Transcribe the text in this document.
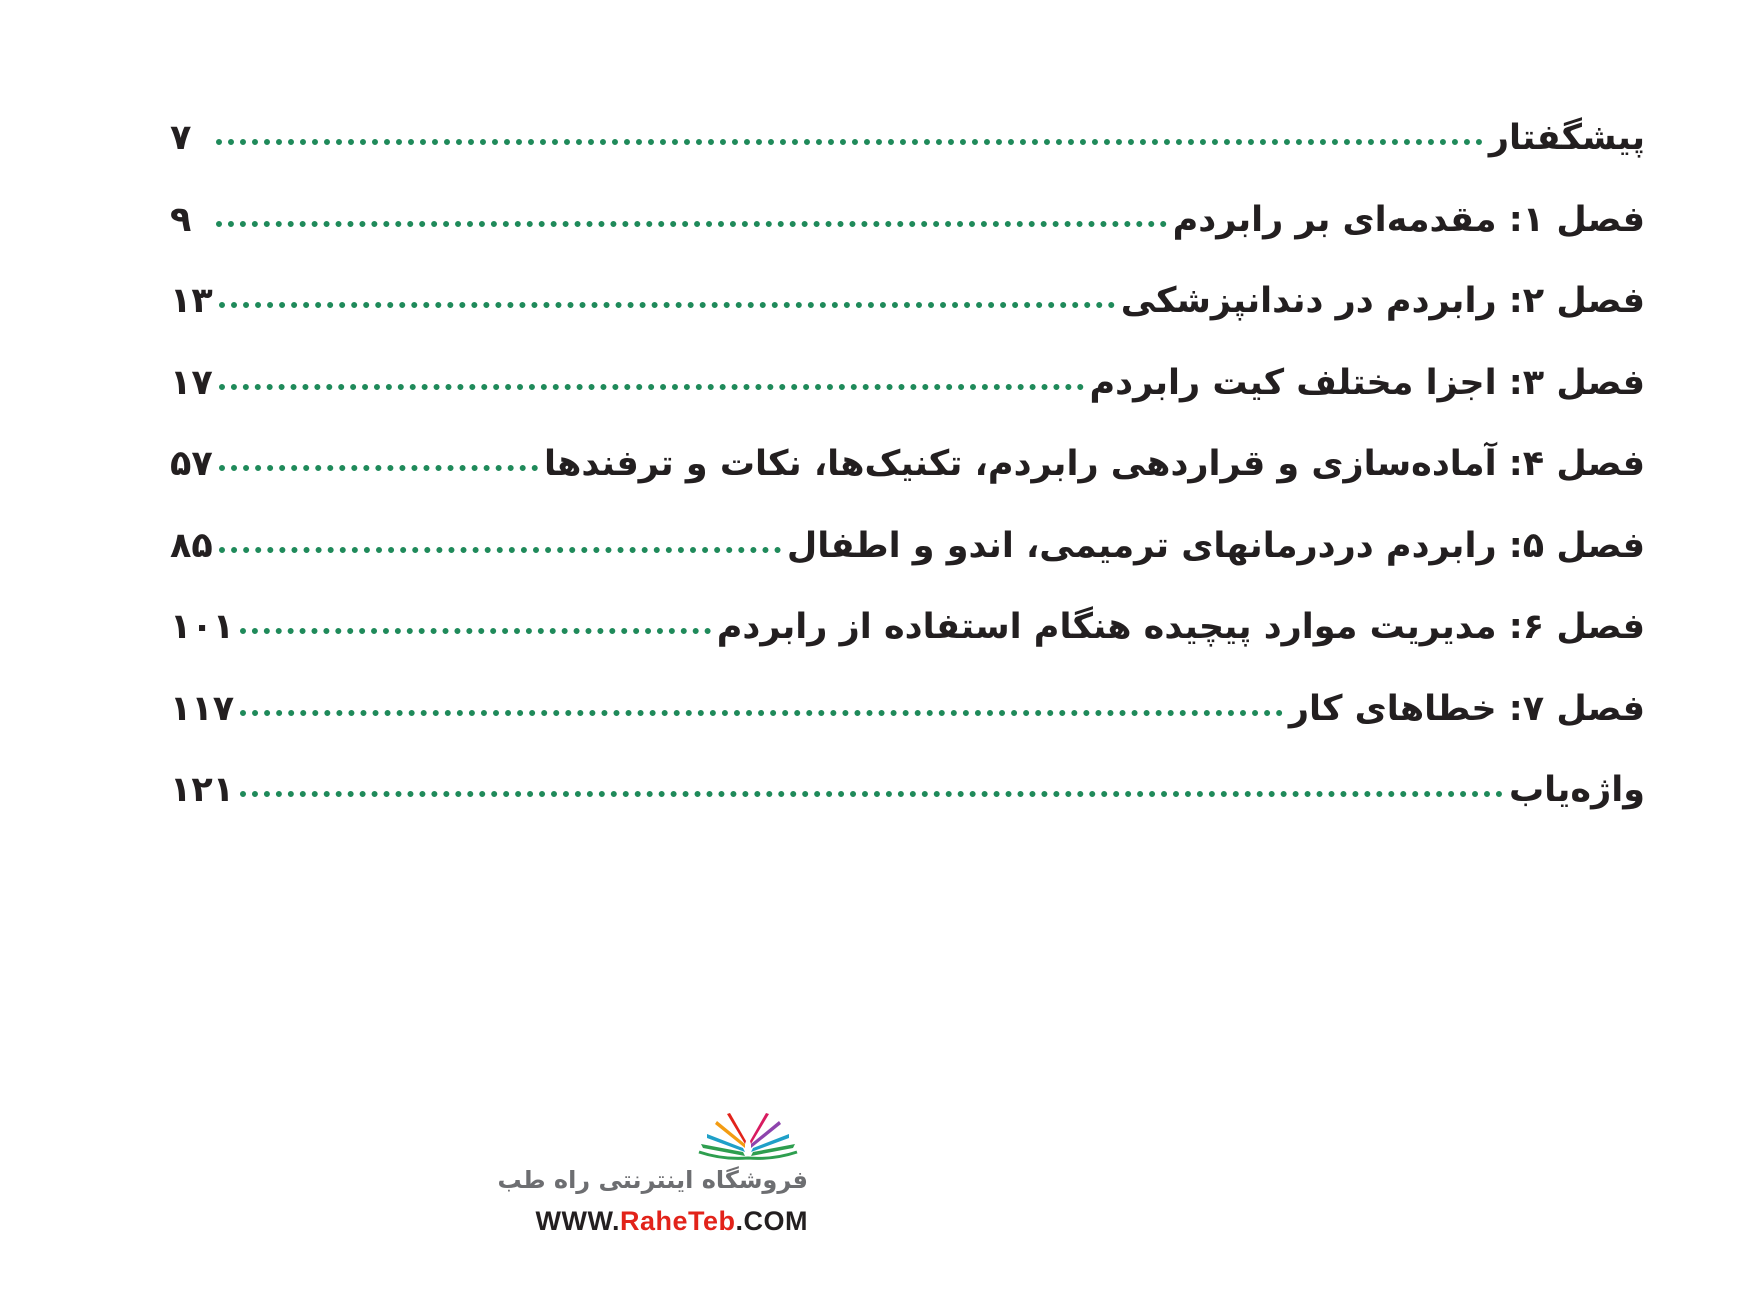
پیشگفتار
۷
فصل ۱: مقدمه‌ای بر رابردم
۹
فصل ۲: رابردم در دندانپزشکی
۱۳
فصل ۳: اجزا مختلف کیت رابردم
۱۷
فصل ۴: آماده‌سازی و قراردهی رابردم، تکنیک‌ها، نکات و ترفندها
۵۷
فصل ۵: رابردم دردرمانهای ترمیمی، اندو و اطفال
۸۵
فصل ۶: مدیریت موارد پیچیده هنگام استفاده از رابردم
۱۰۱
فصل ۷: خطاهای کار
۱۱۷
واژه‌یاب
۱۲۱
فروشگاه اینترنتی راه طب
WWW.RaheTeb.COM
